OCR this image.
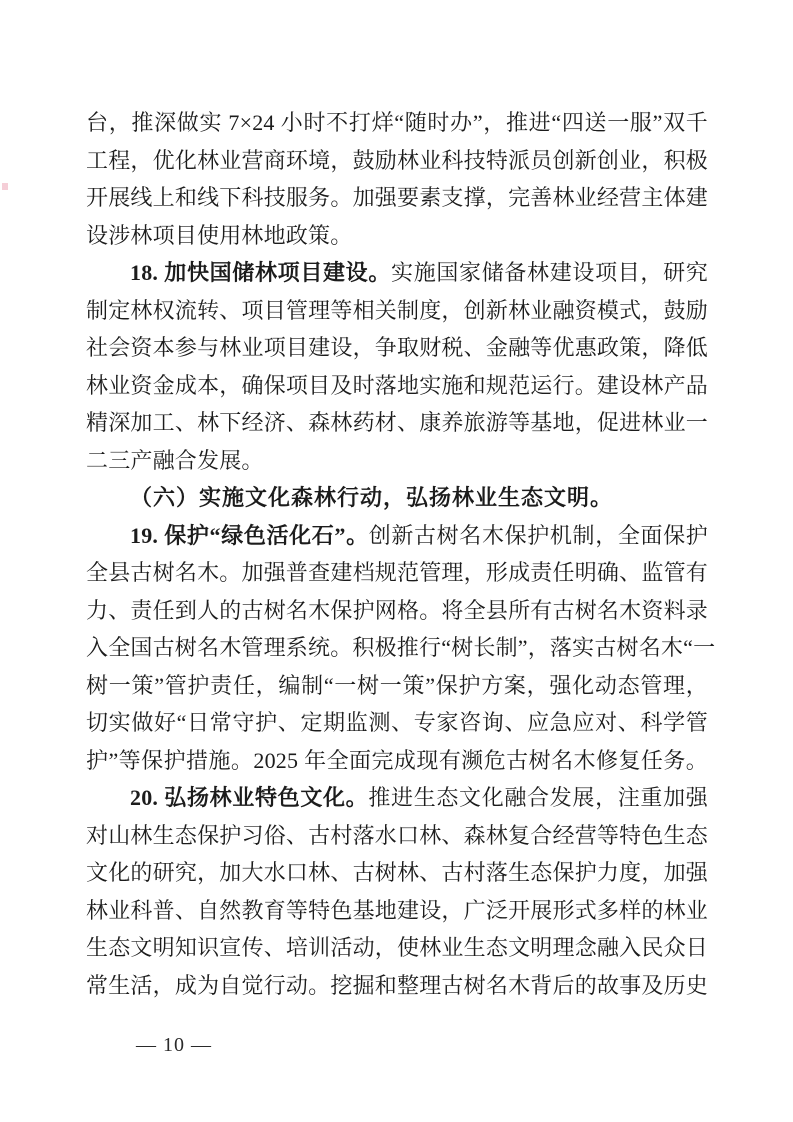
台，推深做实 7×24 小时不打烊“随时办”，推进“四送一服”双千
工程，优化林业营商环境，鼓励林业科技特派员创新创业，积极
开展线上和线下科技服务。加强要素支撑，完善林业经营主体建
设涉林项目使用林地政策。
18. 加快国储林项目建设。实施国家储备林建设项目，研究
制定林权流转、项目管理等相关制度，创新林业融资模式，鼓励
社会资本参与林业项目建设，争取财税、金融等优惠政策，降低
林业资金成本，确保项目及时落地实施和规范运行。建设林产品
精深加工、林下经济、森林药材、康养旅游等基地，促进林业一
二三产融合发展。
（六）实施文化森林行动，弘扬林业生态文明。
19. 保护“绿色活化石”。创新古树名木保护机制，全面保护
全县古树名木。加强普查建档规范管理，形成责任明确、监管有
力、责任到人的古树名木保护网格。将全县所有古树名木资料录
入全国古树名木管理系统。积极推行“树长制”，落实古树名木“一
树一策”管护责任，编制“一树一策”保护方案，强化动态管理，
切实做好“日常守护、定期监测、专家咨询、应急应对、科学管
护”等保护措施。2025 年全面完成现有濒危古树名木修复任务。
20. 弘扬林业特色文化。推进生态文化融合发展，注重加强
对山林生态保护习俗、古村落水口林、森林复合经营等特色生态
文化的研究，加大水口林、古树林、古村落生态保护力度，加强
林业科普、自然教育等特色基地建设，广泛开展形式多样的林业
生态文明知识宣传、培训活动，使林业生态文明理念融入民众日
常生活，成为自觉行动。挖掘和整理古树名木背后的故事及历史
— 10 —
